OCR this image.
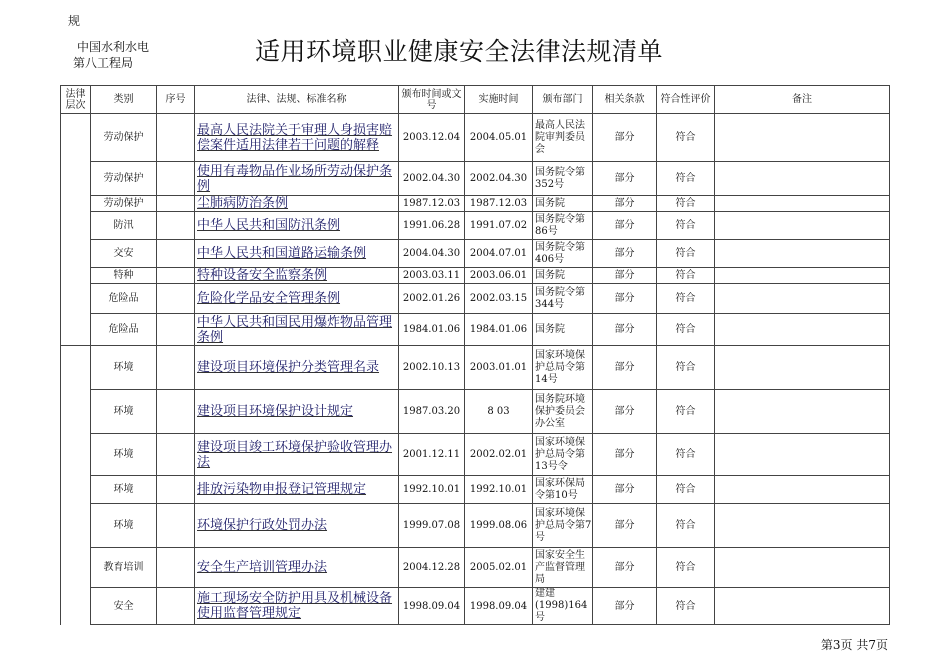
规
中国水利水电
第八工程局	适用环境职业健康安全法律法规清单
法律层次	类别	序号	法律、法规、标准名称	颁布时间或文号	实施时间	颁布部门	相关条款	符合性评价	备注
	劳动保护		最高人民法院关于审理人身损害赔偿案件适用法律若干问题的解释	2003.12.04	2004.05.01	最高人民法院审判委员会	部分	符合	
	劳动保护		使用有毒物品作业场所劳动保护条例	2002.04.30	2002.04.30	国务院令第352号	部分	符合	
	劳动保护		尘肺病防治条例	1987.12.03	1987.12.03	国务院	部分	符合	
	防汛		中华人民共和国防汛条例	1991.06.28	1991.07.02	国务院令第86号	部分	符合	
	交安		中华人民共和国道路运输条例	2004.04.30	2004.07.01	国务院令第406号	部分	符合	
	特种		特种设备安全监察条例	2003.03.11	2003.06.01	国务院	部分	符合	
	危险品		危险化学品安全管理条例	2002.01.26	2002.03.15	国务院令第344号	部分	符合	
	危险品		中华人民共和国民用爆炸物品管理条例	1984.01.06	1984.01.06	国务院	部分	符合	
	环境		建设项目环境保护分类管理名录	2002.10.13	2003.01.01	国家环境保护总局令第14号	部分	符合	
	环境		建设项目环境保护设计规定	1987.03.20	8 03	国务院环境保护委员会办公室	部分	符合	
	环境		建设项目竣工环境保护验收管理办法	2001.12.11	2002.02.01	国家环境保护总局令第13号令	部分	符合	
	环境		排放污染物申报登记管理规定	1992.10.01	1992.10.01	国家环保局令第10号	部分	符合	
	环境		环境保护行政处罚办法	1999.07.08	1999.08.06	国家环境保护总局令第7号	部分	符合	
	教育培训		安全生产培训管理办法	2004.12.28	2005.02.01	国家安全生产监督管理局	部分	符合	
	安全		施工现场安全防护用具及机械设备使用监督管理规定	1998.09.04	1998.09.04	建建(1998)164号	部分	符合	
第3页 共7页
